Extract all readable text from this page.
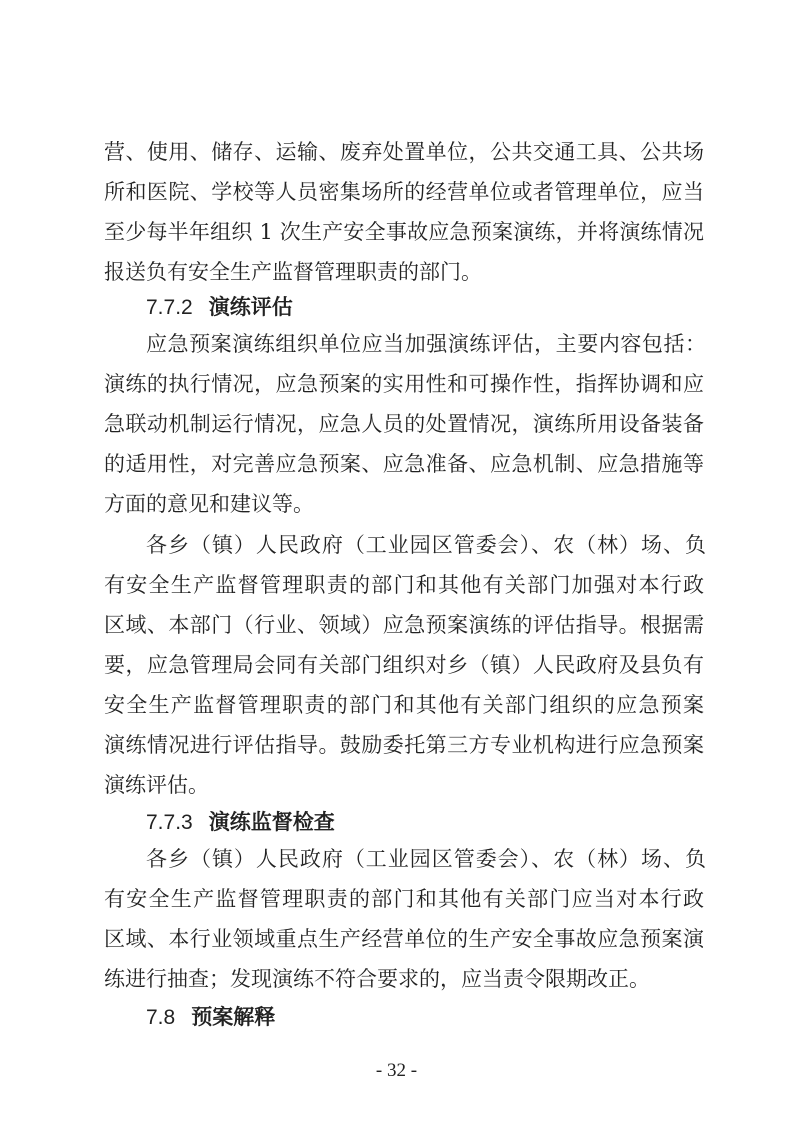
营、使用、储存、运输、废弃处置单位，公共交通工具、公共场
所和医院、学校等人员密集场所的经营单位或者管理单位，应当
至少每半年组织 1 次生产安全事故应急预案演练，并将演练情况
报送负有安全生产监督管理职责的部门。
7.7.2 演练评估
应急预案演练组织单位应当加强演练评估，主要内容包括：
演练的执行情况，应急预案的实用性和可操作性，指挥协调和应
急联动机制运行情况，应急人员的处置情况，演练所用设备装备
的适用性，对完善应急预案、应急准备、应急机制、应急措施等
方面的意见和建议等。
各乡（镇）人民政府（工业园区管委会）、农（林）场、负
有安全生产监督管理职责的部门和其他有关部门加强对本行政
区域、本部门（行业、领域）应急预案演练的评估指导。根据需
要，应急管理局会同有关部门组织对乡（镇）人民政府及县负有
安全生产监督管理职责的部门和其他有关部门组织的应急预案
演练情况进行评估指导。鼓励委托第三方专业机构进行应急预案
演练评估。
7.7.3 演练监督检查
各乡（镇）人民政府（工业园区管委会）、农（林）场、负
有安全生产监督管理职责的部门和其他有关部门应当对本行政
区域、本行业领域重点生产经营单位的生产安全事故应急预案演
练进行抽查；发现演练不符合要求的，应当责令限期改正。
7.8 预案解释
- 32 -
